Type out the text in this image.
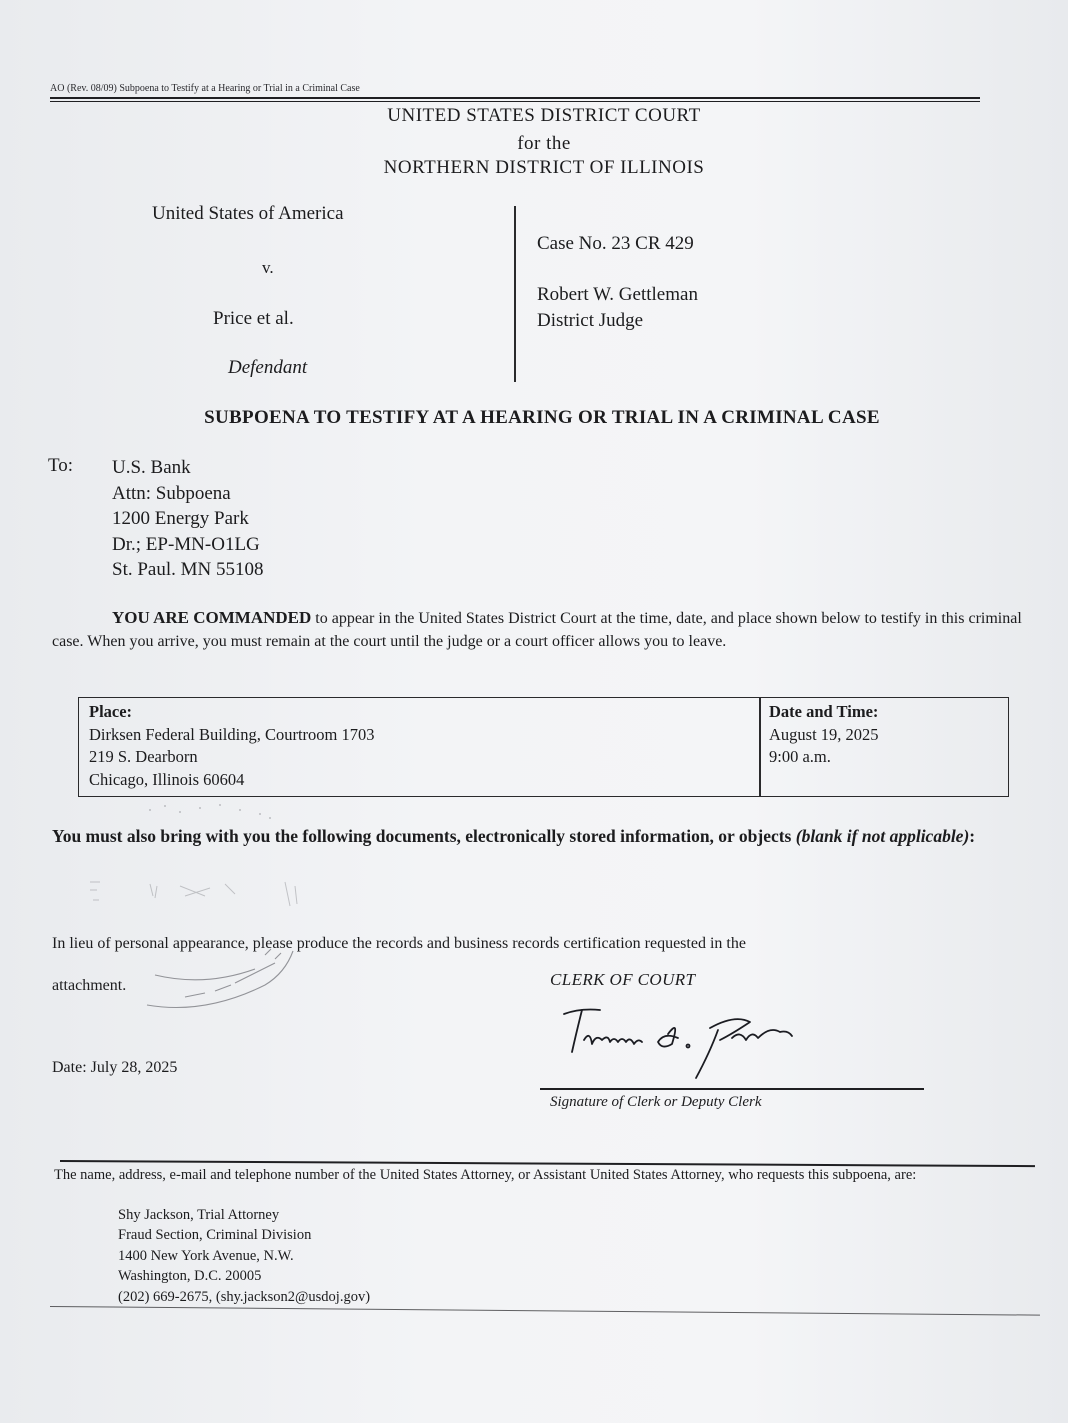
AO (Rev. 08/09) Subpoena to Testify at a Hearing or Trial in a Criminal Case
UNITED STATES DISTRICT COURT
for the
NORTHERN DISTRICT OF ILLINOIS
United States of America
v.
Price et al.
Defendant
Case No. 23 CR 429
Robert W. Gettleman
District Judge
SUBPOENA TO TESTIFY AT A HEARING OR TRIAL IN A CRIMINAL CASE
To: U.S. Bank
Attn: Subpoena
1200 Energy Park
Dr.; EP-MN-O1LG
St. Paul. MN 55108
YOU ARE COMMANDED to appear in the United States District Court at the time, date, and place shown below to testify in this criminal case. When you arrive, you must remain at the court until the judge or a court officer allows you to leave.
Place:
Dirksen Federal Building, Courtroom 1703
219 S. Dearborn
Chicago, Illinois 60604
Date and Time:
August 19, 2025
9:00 a.m.
You must also bring with you the following documents, electronically stored information, or objects (blank if not applicable):
In lieu of personal appearance, please produce the records and business records certification requested in the
attachment.	CLERK OF COURT
Signature of Clerk or Deputy Clerk
Date: July 28, 2025
The name, address, e-mail and telephone number of the United States Attorney, or Assistant United States Attorney, who requests this subpoena, are:
Shy Jackson, Trial Attorney
Fraud Section, Criminal Division
1400 New York Avenue, N.W.
Washington, D.C. 20005
(202) 669-2675, (shy.jackson2@usdoj.gov)
